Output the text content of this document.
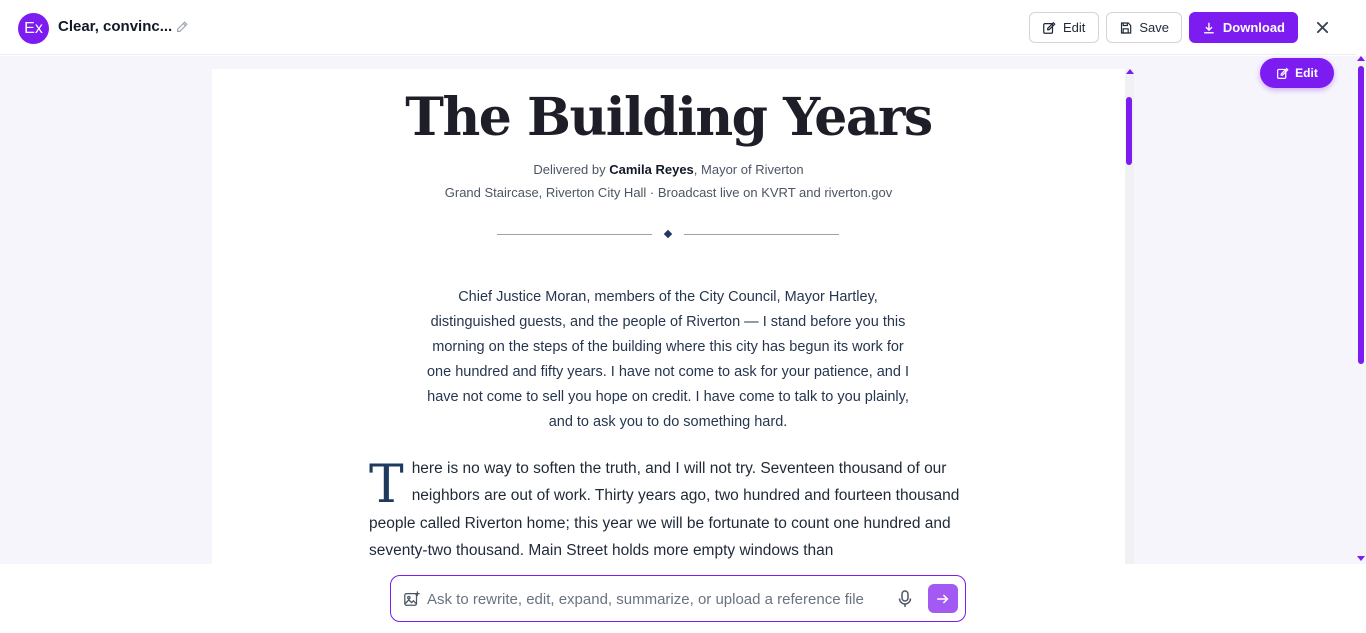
Ex	Clear, convinc...	Edit	Save	Download
The Building Years
Delivered by Camila Reyes, Mayor of Riverton
Grand Staircase, Riverton City Hall · Broadcast live on KVRT and riverton.gov

Chief Justice Moran, members of the City Council, Mayor Hartley, distinguished guests, and the people of Riverton — I stand before you this morning on the steps of the building where this city has begun its work for one hundred and fifty years. I have not come to ask for your patience, and I have not come to sell you hope on credit. I have come to talk to you plainly, and to ask you to do something hard.

There is no way to soften the truth, and I will not try. Seventeen thousand of our neighbors are out of work. Thirty years ago, two hundred and fourteen thousand people called Riverton home; this year we will be fortunate to count one hundred and seventy-two thousand. Main Street holds more empty windows than

Edit
Ask to rewrite, edit, expand, summarize, or upload a reference file
